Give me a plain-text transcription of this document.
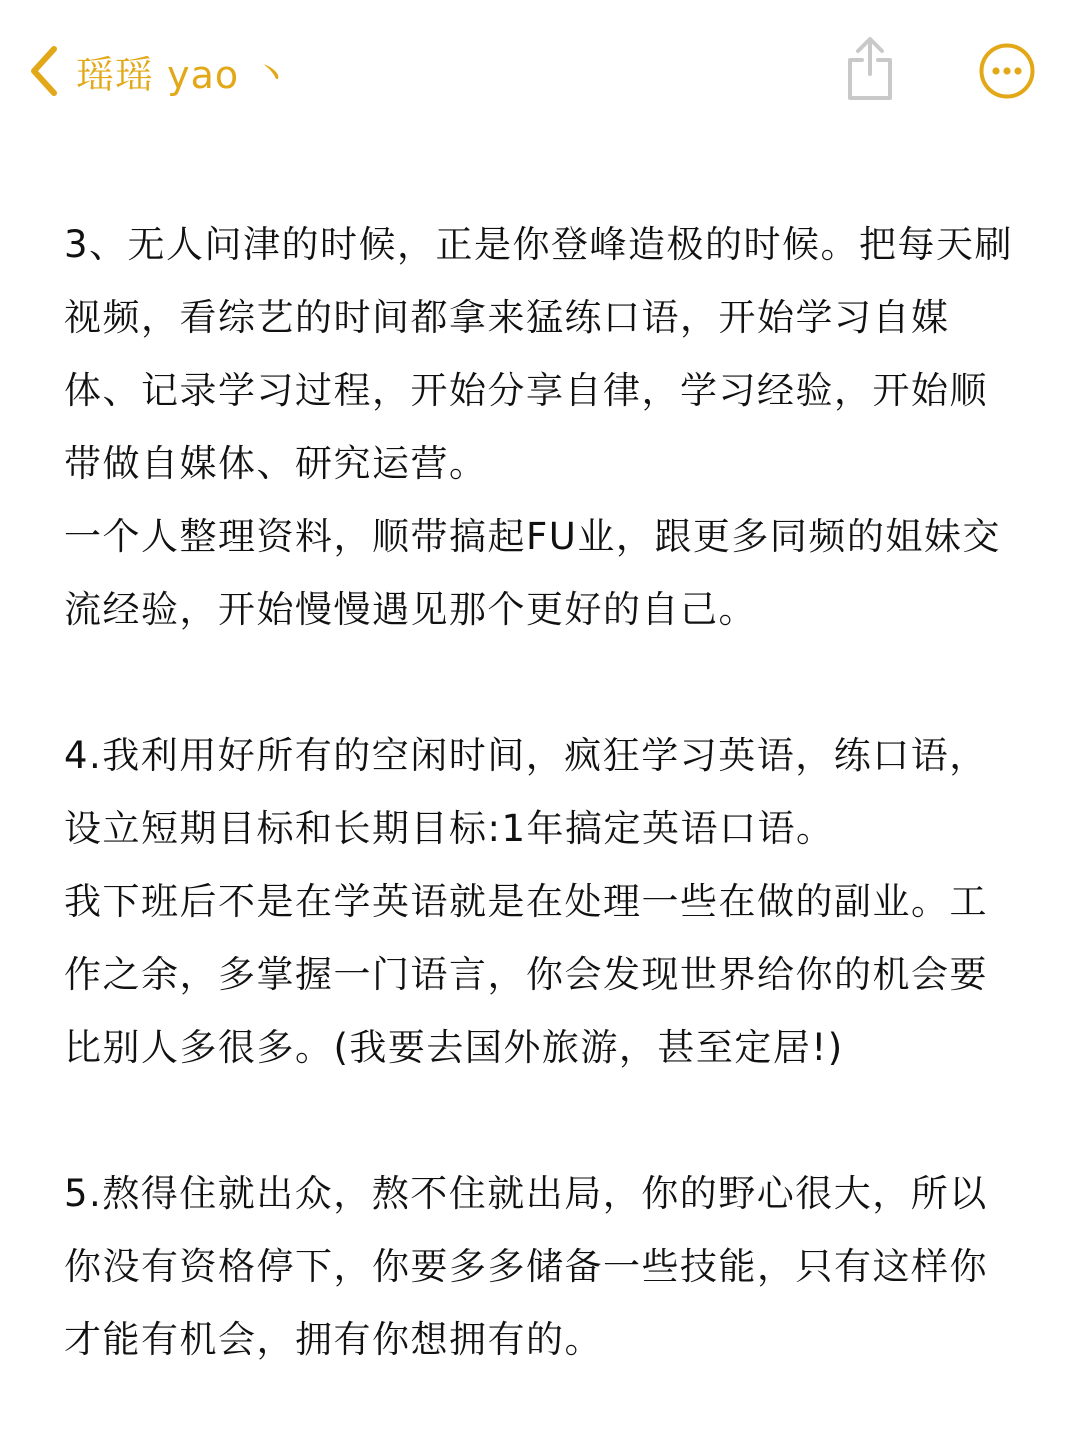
瑶瑶 yao 丶

3、无人问津的时候，正是你登峰造极的时候。把每天刷视频，看综艺的时间都拿来猛练口语，开始学习自媒体、记录学习过程，开始分享自律，学习经验，开始顺带做自媒体、研究运营。
一个人整理资料，顺带搞起FU业，跟更多同频的姐妹交流经验，开始慢慢遇见那个更好的自己。

4.我利用好所有的空闲时间，疯狂学习英语，练口语，设立短期目标和长期目标:1年搞定英语口语。
我下班后不是在学英语就是在处理一些在做的副业。工作之余，多掌握一门语言，你会发现世界给你的机会要比别人多很多。(我要去国外旅游，甚至定居!)

5.熬得住就出众，熬不住就出局，你的野心很大，所以你没有资格停下，你要多多储备一些技能，只有这样你才能有机会，拥有你想拥有的。
